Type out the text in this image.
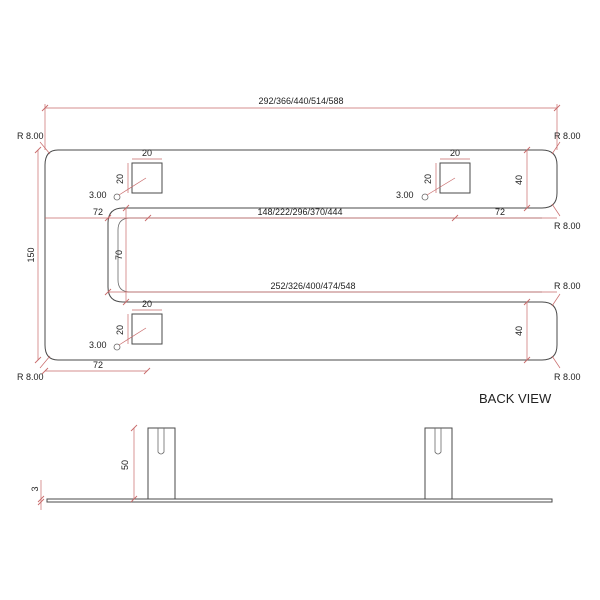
292/366/440/514/588
148/222/296/370/444
252/326/400/474/548
150	70
40
40
72	72
72
20
20
20
20
20
20
3.00	3.00
3.00
R 8.00	R 8.00
R 8.00
R 8.00
R 8.00	R 8.00
BACK VIEW
50
3
